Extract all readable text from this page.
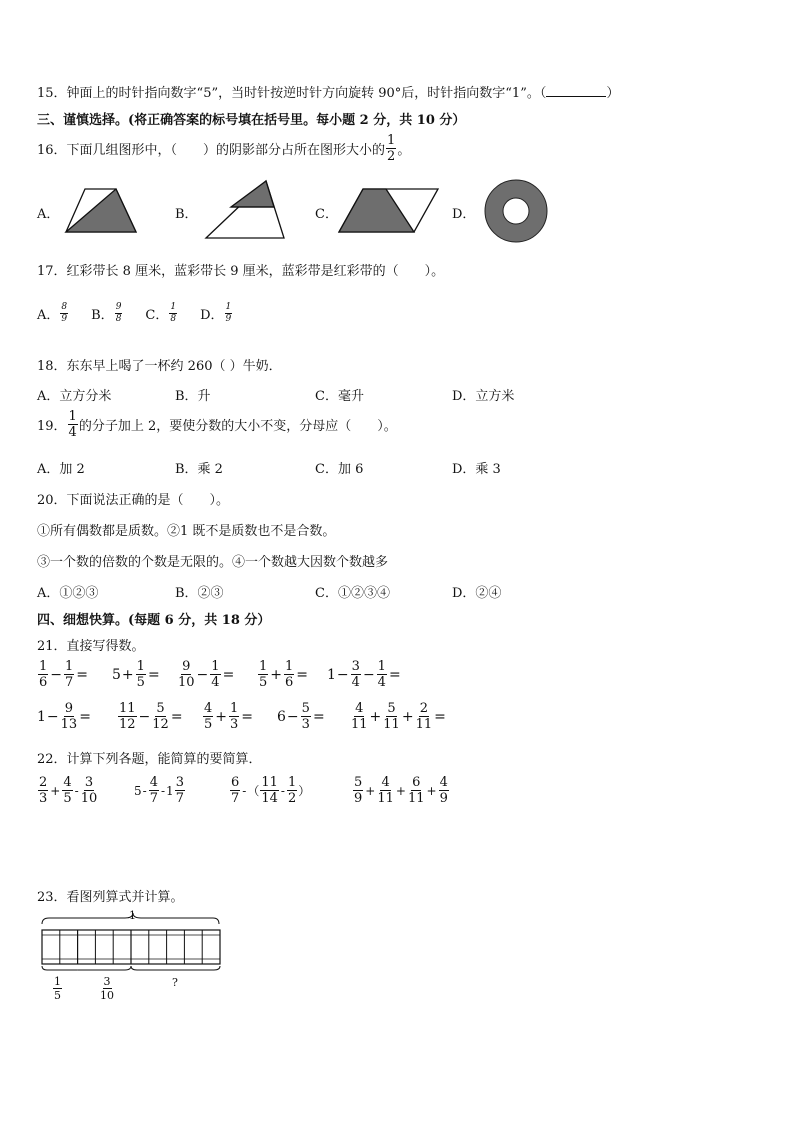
15．钟面上的时针指向数字“5”，当时针按逆时针方向旋转 90°后，时针指向数字“1”。（	）
三、谨慎选择。(将正确答案的标号填在括号里。每小题 2 分，共 10 分）
16．下面几组图形中，（　　）的阴影部分占所在图形大小的 $\frac{1}{2}$ 。
A．	B．	C．	D．
17．红彩带长 8 厘米，蓝彩带长 9 厘米，蓝彩带是红彩带的（　　）。
A． $\frac{8}{9}$ B． $\frac{9}{8}$ C． $\frac{1}{8}$ D． $\frac{1}{9}$
18．东东早上喝了一杯约 260（ ）牛奶．
A．立方分米	B．升	C．毫升	D．立方米
19． $\frac{1}{4}$ 的分子加上 2，要使分数的大小不变，分母应（　　）。
A．加 2	B．乘 2	C．加 6	D．乘 3
20．下面说法正确的是（　　）。
①所有偶数都是质数。②1 既不是质数也不是合数。
③一个数的倍数的个数是无限的。④一个数越大因数个数越多
A．①②③	B．②③	C．①②③④	D．②④
四、细想快算。(每题 6 分，共 18 分）
21．直接写得数。
$\frac{1}{6} - \frac{1}{7} = 5 + \frac{1}{5} = \frac{9}{10} - \frac{1}{4} = \frac{1}{5} + \frac{1}{6} = 1 - \frac{3}{4} - \frac{1}{4}$ =
$1 - \frac{9}{13} = \frac{11}{12} - \frac{5}{12} = \frac{4}{5} + \frac{1}{3} = 6 - \frac{5}{3} = \frac{4}{11} + \frac{5}{11} + \frac{2}{11}$ =
22．计算下列各题，能简算的要简算．
$\frac{2}{3} + \frac{4}{5} - \frac{3}{10}$	$5 - \frac{4}{7} - 1 \frac{3}{7}$	$\frac{6}{7}$ - （ $\frac{11}{14} - \frac{1}{2}$ ）	$\frac{5}{9} + \frac{4}{11} + \frac{6}{11} + \frac{4}{9}$
23．看图列算式并计算。
1
$\frac{1}{5}$	$\frac{3}{10}$	?
